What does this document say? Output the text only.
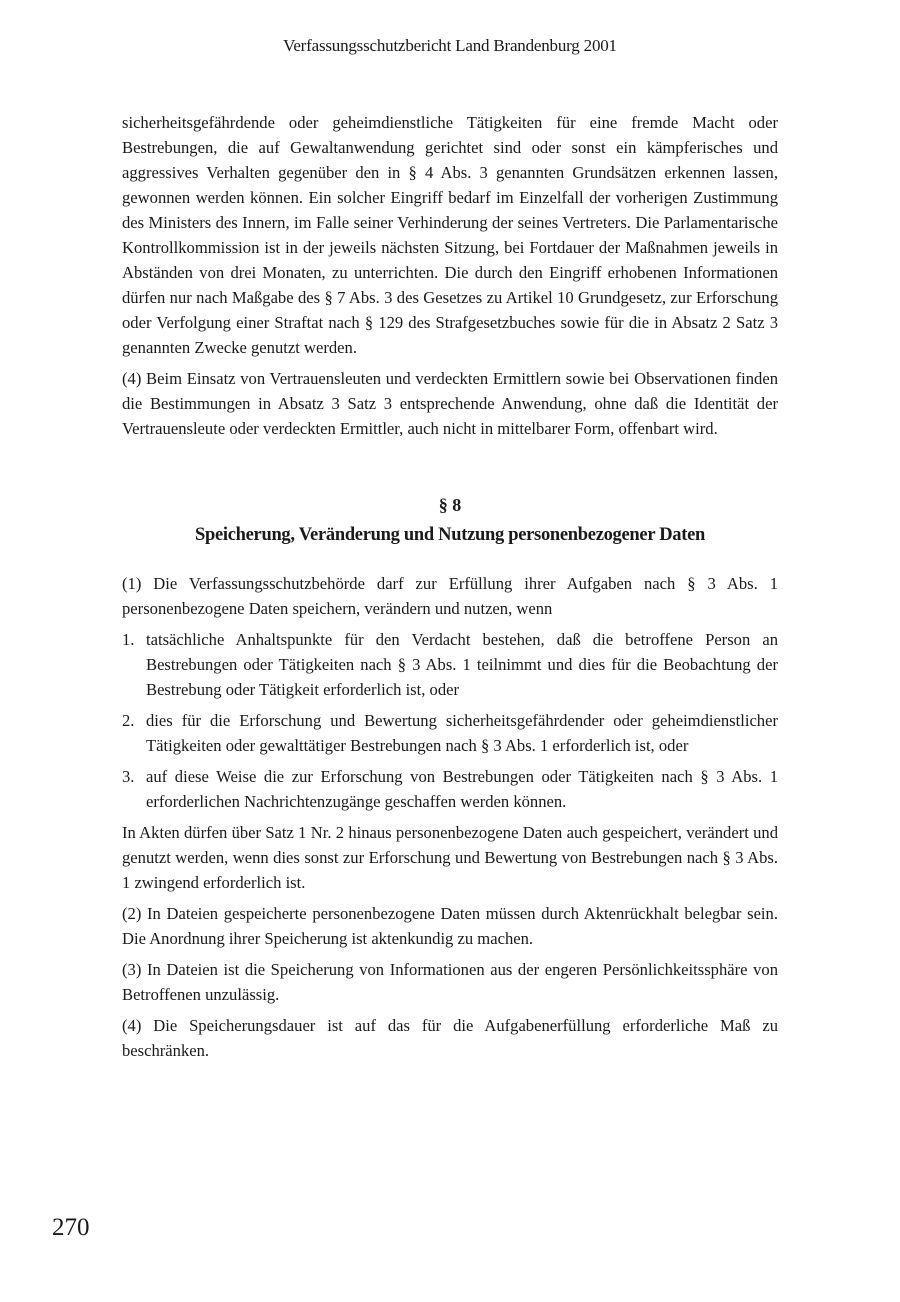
Verfassungsschutzbericht Land Brandenburg 2001

sicherheitsgefährdende oder geheimdienstliche Tätigkeiten für eine fremde Macht oder Bestrebungen, die auf Gewaltanwendung gerichtet sind oder sonst ein kämpferisches und aggressives Verhalten gegenüber den in § 4 Abs. 3 genannten Grundsätzen erkennen lassen, gewonnen werden können. Ein solcher Eingriff bedarf im Einzelfall der vorherigen Zustimmung des Ministers des Innern, im Falle seiner Verhinderung der seines Vertreters. Die Parlamentarische Kontrollkommission ist in der jeweils nächsten Sitzung, bei Fortdauer der Maßnahmen jeweils in Abständen von drei Monaten, zu unterrichten. Die durch den Eingriff erhobenen Informationen dürfen nur nach Maßgabe des § 7 Abs. 3 des Gesetzes zu Artikel 10 Grundgesetz, zur Erforschung oder Verfolgung einer Straftat nach § 129 des Strafgesetzbuches sowie für die in Absatz 2 Satz 3 genannten Zwecke genutzt werden.

(4) Beim Einsatz von Vertrauensleuten und verdeckten Ermittlern sowie bei Observationen finden die Bestimmungen in Absatz 3 Satz 3 entsprechende Anwendung, ohne daß die Identität der Vertrauensleute oder verdeckten Ermittler, auch nicht in mittelbarer Form, offenbart wird.

§ 8
Speicherung, Veränderung und Nutzung personenbezogener Daten

(1) Die Verfassungsschutzbehörde darf zur Erfüllung ihrer Aufgaben nach § 3 Abs. 1 personenbezogene Daten speichern, verändern und nutzen, wenn

1. tatsächliche Anhaltspunkte für den Verdacht bestehen, daß die betroffene Person an Bestrebungen oder Tätigkeiten nach § 3 Abs. 1 teilnimmt und dies für die Beobachtung der Bestrebung oder Tätigkeit erforderlich ist, oder
2. dies für die Erforschung und Bewertung sicherheitsgefährdender oder geheimdienstlicher Tätigkeiten oder gewalttätiger Bestrebungen nach § 3 Abs. 1 erforderlich ist, oder
3. auf diese Weise die zur Erforschung von Bestrebungen oder Tätigkeiten nach § 3 Abs. 1 erforderlichen Nachrichtenzugänge geschaffen werden können.

In Akten dürfen über Satz 1 Nr. 2 hinaus personenbezogene Daten auch gespeichert, verändert und genutzt werden, wenn dies sonst zur Erforschung und Bewertung von Bestrebungen nach § 3 Abs. 1 zwingend erforderlich ist.

(2) In Dateien gespeicherte personenbezogene Daten müssen durch Aktenrückhalt belegbar sein. Die Anordnung ihrer Speicherung ist aktenkundig zu machen.

(3) In Dateien ist die Speicherung von Informationen aus der engeren Persönlichkeitssphäre von Betroffenen unzulässig.

(4) Die Speicherungsdauer ist auf das für die Aufgabenerfüllung erforderliche Maß zu beschränken.

270
